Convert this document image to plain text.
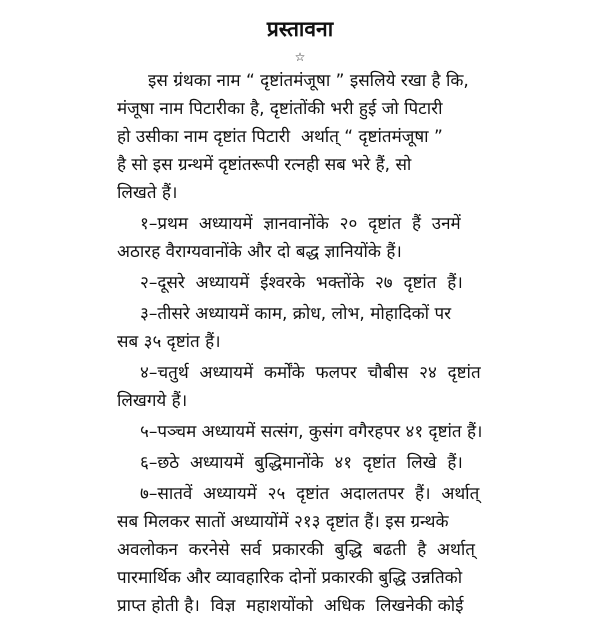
प्रस्तावना
☆
इस ग्रंथका नाम “ दृष्टांतमंजूषा ” इसलिये रखा है कि,
मंजूषा नाम पिटारीका है, दृष्टांतोंकी भरी हुई जो पिटारी
हो उसीका नाम दृष्टांत पिटारी  अर्थात् “ दृष्टांतमंजूषा ”
है सो इस ग्रन्थमें दृष्टांतरूपी रत्नही सब भरे हैं, सो
लिखते हैं।
१–प्रथम  अध्यायमें  ज्ञानवानोंके  २०  दृष्टांत  हैं  उनमें
अठारह वैराग्यवानोंके और दो बद्ध ज्ञानियोंके हैं।
२–दूसरे  अध्यायमें  ईश्वरके  भक्तोंके  २७  दृष्टांत  हैं।
३–तीसरे अध्यायमें काम, क्रोध, लोभ, मोहादिकों पर
सब ३५ दृष्टांत हैं।
४–चतुर्थ  अध्यायमें  कर्मोंके  फलपर  चौबीस  २४  दृष्टांत
लिखगये हैं।
५–पञ्चम अध्यायमें सत्संग, कुसंग वगैरहपर ४१ दृष्टांत हैं।
६–छठे  अध्यायमें  बुद्धिमानोंके  ४१  दृष्टांत  लिखे  हैं।
७–सातवें  अध्यायमें  २५  दृष्टांत  अदालतपर  हैं।  अर्थात्
सब मिलकर सातों अध्यायोंमें २१३ दृष्टांत हैं। इस ग्रन्थके
अवलोकन  करनेसे  सर्व  प्रकारकी  बुद्धि  बढती  है  अर्थात्
पारमार्थिक और व्यावहारिक दोनों प्रकारकी बुद्धि उन्नतिको
प्राप्त होती है।  विज्ञ  महाशयोंको  अधिक  लिखनेकी कोई
